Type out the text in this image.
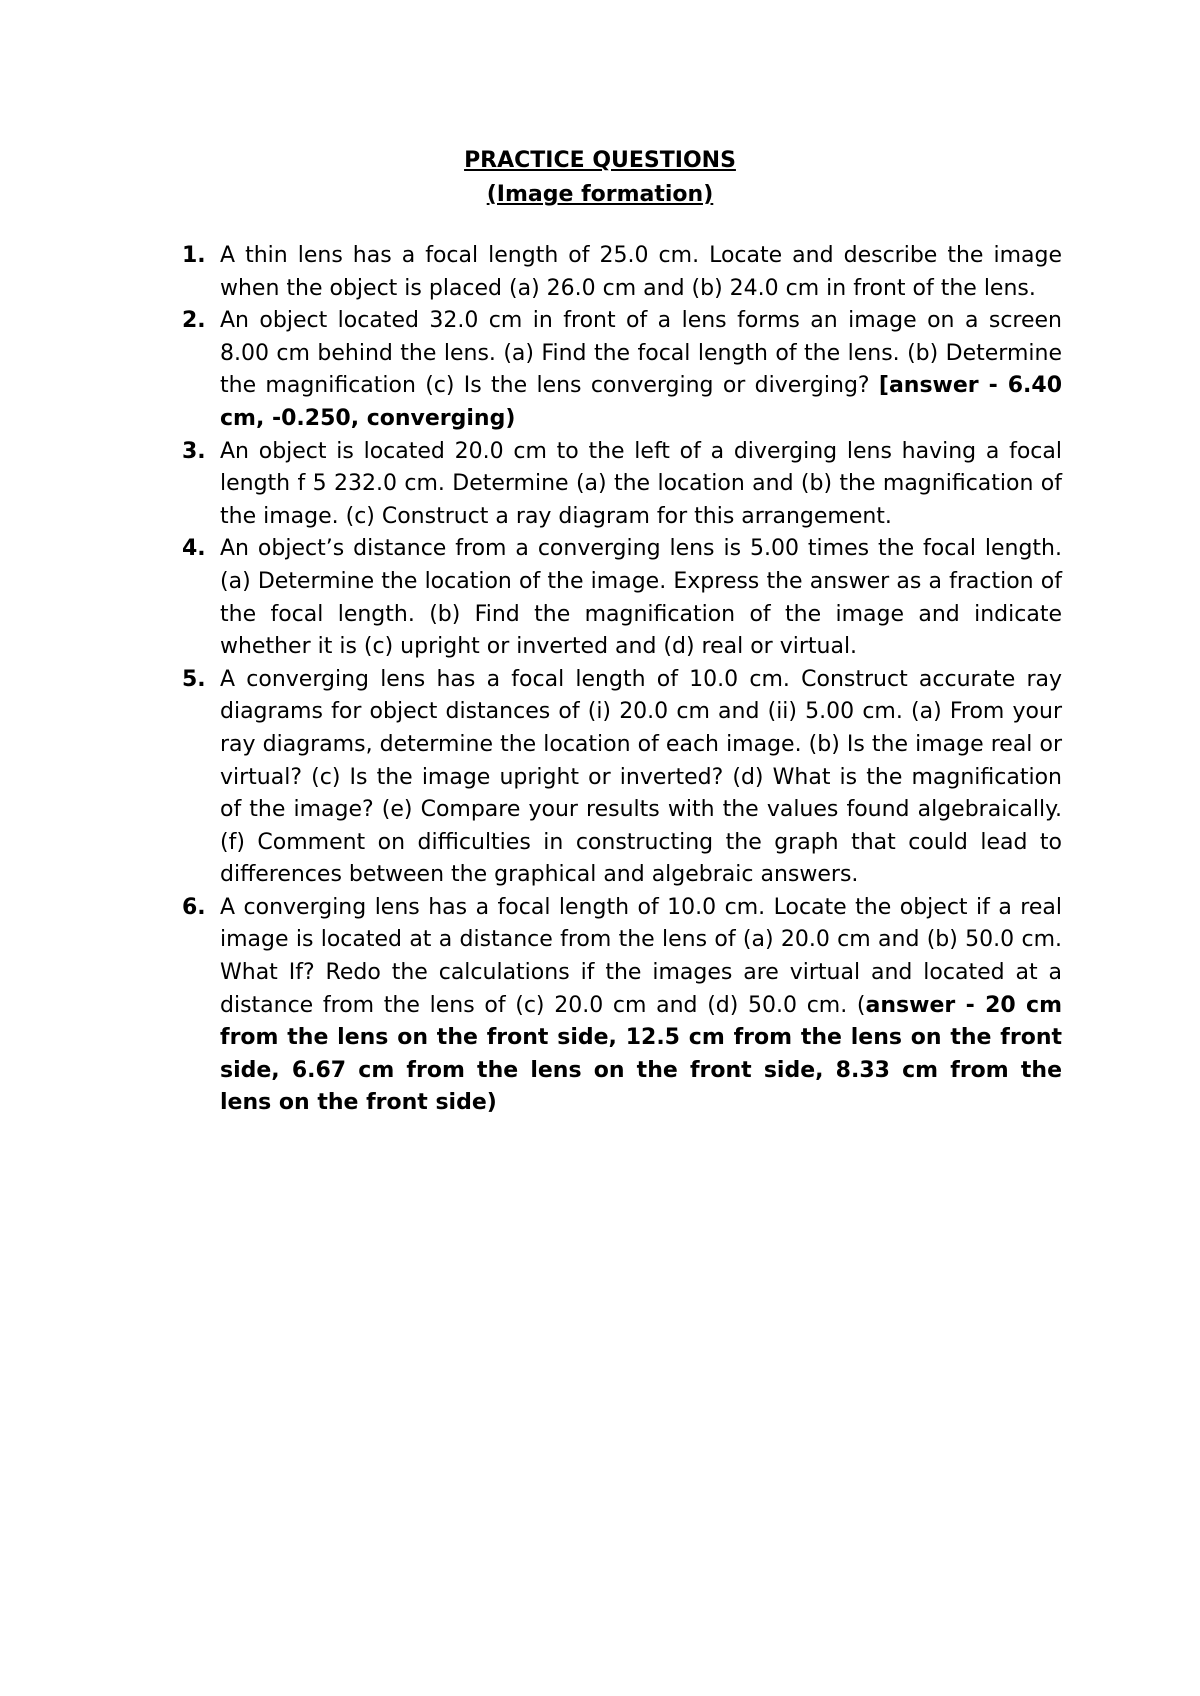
PRACTICE QUESTIONS
(Image formation)
1. A thin lens has a focal length of 25.0 cm. Locate and describe the image when the object is placed (a) 26.0 cm and (b) 24.0 cm in front of the lens.
2. An object located 32.0 cm in front of a lens forms an image on a screen 8.00 cm behind the lens. (a) Find the focal length of the lens. (b) Determine the magnification (c) Is the lens converging or diverging? [answer - 6.40 cm, -0.250, converging)
3. An object is located 20.0 cm to the left of a diverging lens having a focal length f 5 232.0 cm. Determine (a) the location and (b) the magnification of the image. (c) Construct a ray diagram for this arrangement.
4. An object’s distance from a converging lens is 5.00 times the focal length. (a) Determine the location of the image. Express the answer as a fraction of the focal length. (b) Find the magnification of the image and indicate whether it is (c) upright or inverted and (d) real or virtual.
5. A converging lens has a focal length of 10.0 cm. Construct accurate ray diagrams for object distances of (i) 20.0 cm and (ii) 5.00 cm. (a) From your ray diagrams, determine the location of each image. (b) Is the image real or virtual? (c) Is the image upright or inverted? (d) What is the magnification of the image? (e) Compare your results with the values found algebraically. (f) Comment on difficulties in constructing the graph that could lead to differences between the graphical and algebraic answers.
6. A converging lens has a focal length of 10.0 cm. Locate the object if a real image is located at a distance from the lens of (a) 20.0 cm and (b) 50.0 cm. What If? Redo the calculations if the images are virtual and located at a distance from the lens of (c) 20.0 cm and (d) 50.0 cm. (answer - 20 cm from the lens on the front side, 12.5 cm from the lens on the front side, 6.67 cm from the lens on the front side, 8.33 cm from the lens on the front side)
